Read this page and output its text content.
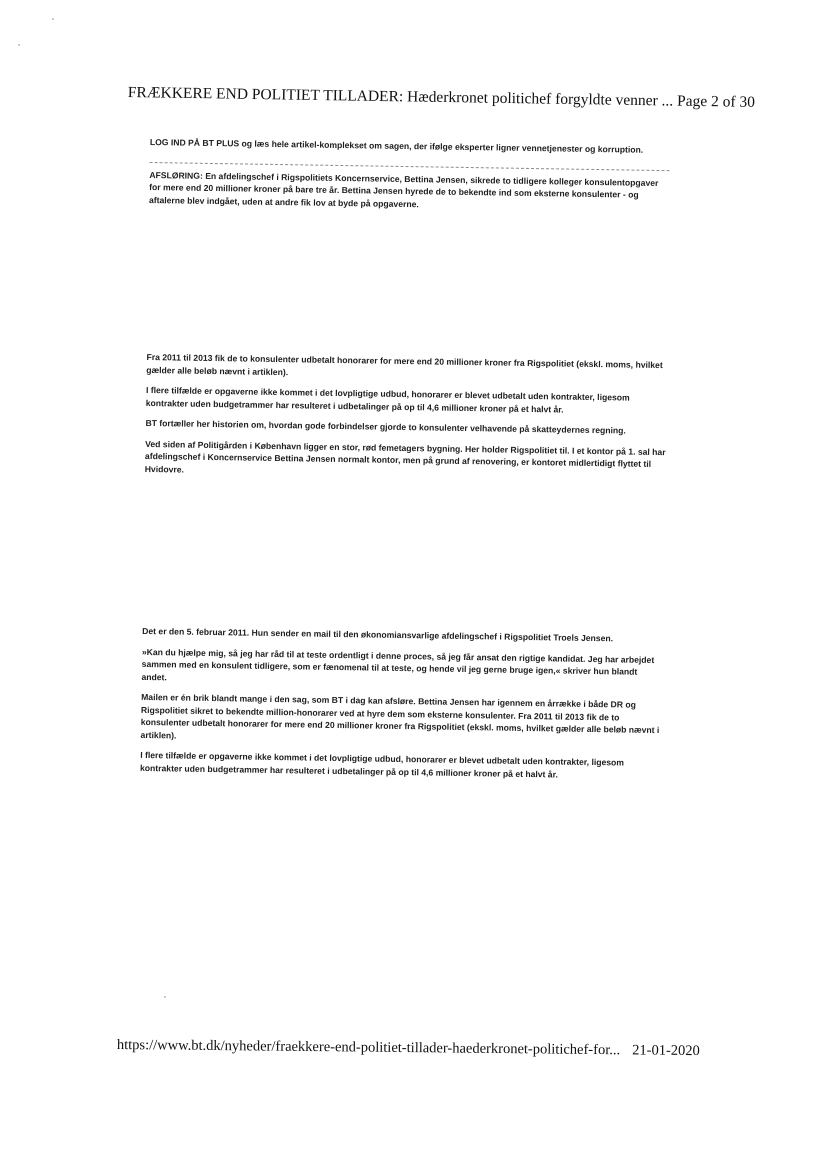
FRÆKKERE END POLITIET TILLADER: Hæderkronet politichef forgyldte venner ... Page 2 of 30

LOG IND PÅ BT PLUS og læs hele artikel-komplekset om sagen, der ifølge eksperter ligner vennetjenester og korruption.

AFSLØRING: En afdelingschef i Rigspolitiets Koncernservice, Bettina Jensen, sikrede to tidligere kolleger konsulentopgaver for mere end 20 millioner kroner på bare tre år. Bettina Jensen hyrede de to bekendte ind som eksterne konsulenter - og aftalerne blev indgået, uden at andre fik lov at byde på opgaverne.

Fra 2011 til 2013 fik de to konsulenter udbetalt honorarer for mere end 20 millioner kroner fra Rigspolitiet (ekskl. moms, hvilket gælder alle beløb nævnt i artiklen).

I flere tilfælde er opgaverne ikke kommet i det lovpligtige udbud, honorarer er blevet udbetalt uden kontrakter, ligesom kontrakter uden budgetrammer har resulteret i udbetalinger på op til 4,6 millioner kroner på et halvt år.

BT fortæller her historien om, hvordan gode forbindelser gjorde to konsulenter velhavende på skatteydernes regning.

Ved siden af Politigården i København ligger en stor, rød femetagers bygning. Her holder Rigspolitiet til. I et kontor på 1. sal har afdelingschef i Koncernservice Bettina Jensen normalt kontor, men på grund af renovering, er kontoret midlertidigt flyttet til Hvidovre.

Det er den 5. februar 2011. Hun sender en mail til den økonomiansvarlige afdelingschef i Rigspolitiet Troels Jensen.

»Kan du hjælpe mig, så jeg har råd til at teste ordentligt i denne proces, så jeg får ansat den rigtige kandidat. Jeg har arbejdet sammen med en konsulent tidligere, som er fænomenal til at teste, og hende vil jeg gerne bruge igen,« skriver hun blandt andet.

Mailen er én brik blandt mange i den sag, som BT i dag kan afsløre. Bettina Jensen har igennem en årrække i både DR og Rigspolitiet sikret to bekendte million-honorarer ved at hyre dem som eksterne konsulenter. Fra 2011 til 2013 fik de to konsulenter udbetalt honorarer for mere end 20 millioner kroner fra Rigspolitiet (ekskl. moms, hvilket gælder alle beløb nævnt i artiklen).

I flere tilfælde er opgaverne ikke kommet i det lovpligtige udbud, honorarer er blevet udbetalt uden kontrakter, ligesom kontrakter uden budgetrammer har resulteret i udbetalinger på op til 4,6 millioner kroner på et halvt år.

https://www.bt.dk/nyheder/fraekkere-end-politiet-tillader-haederkronet-politichef-for... 21-01-2020
